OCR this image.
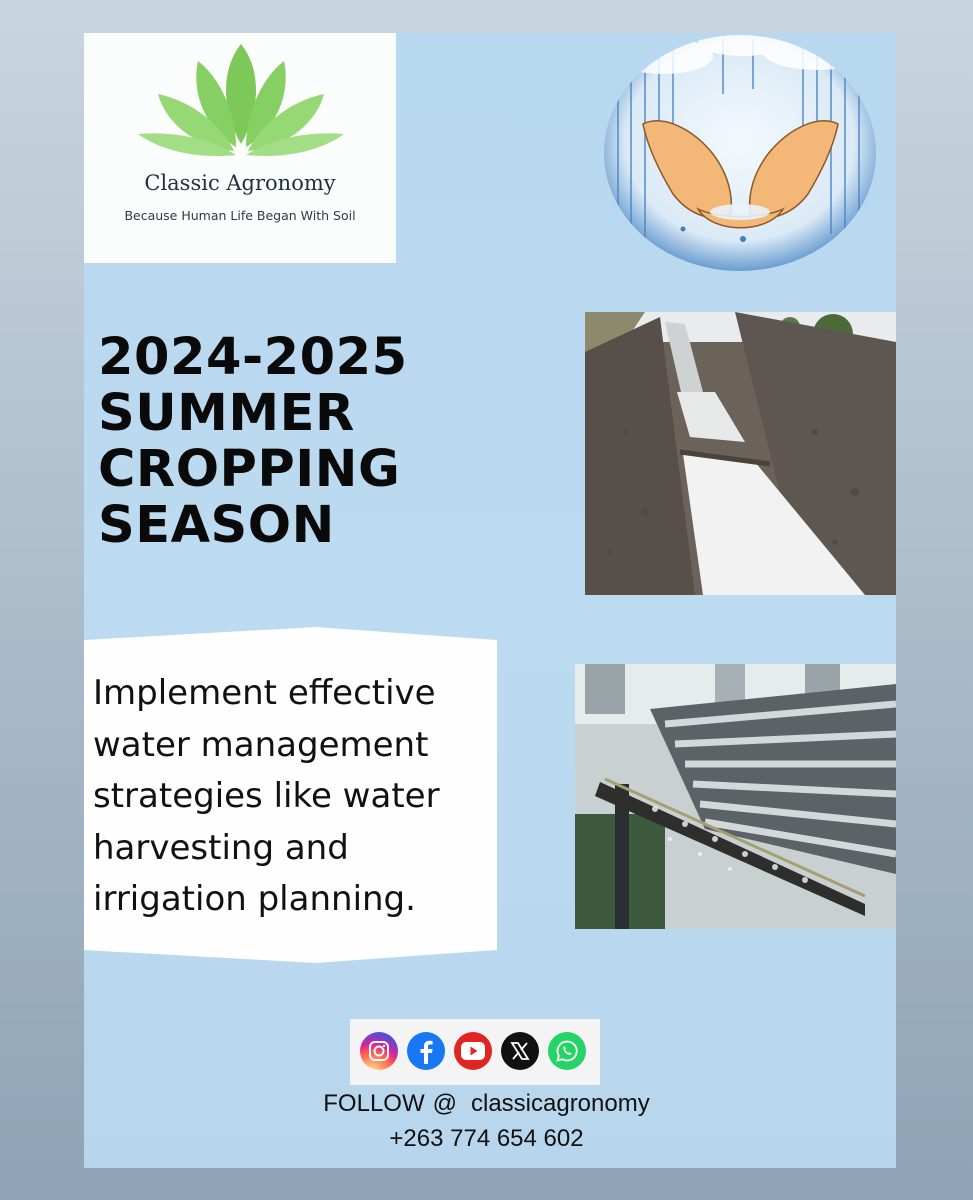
Classic Agronomy
Because Human Life Began With Soil
2024-2025
SUMMER
CROPPING
SEASON

Implement effective
water management
strategies like water
harvesting and
irrigation planning.

FOLLOW @ classicagronomy
+263 774 654 602
